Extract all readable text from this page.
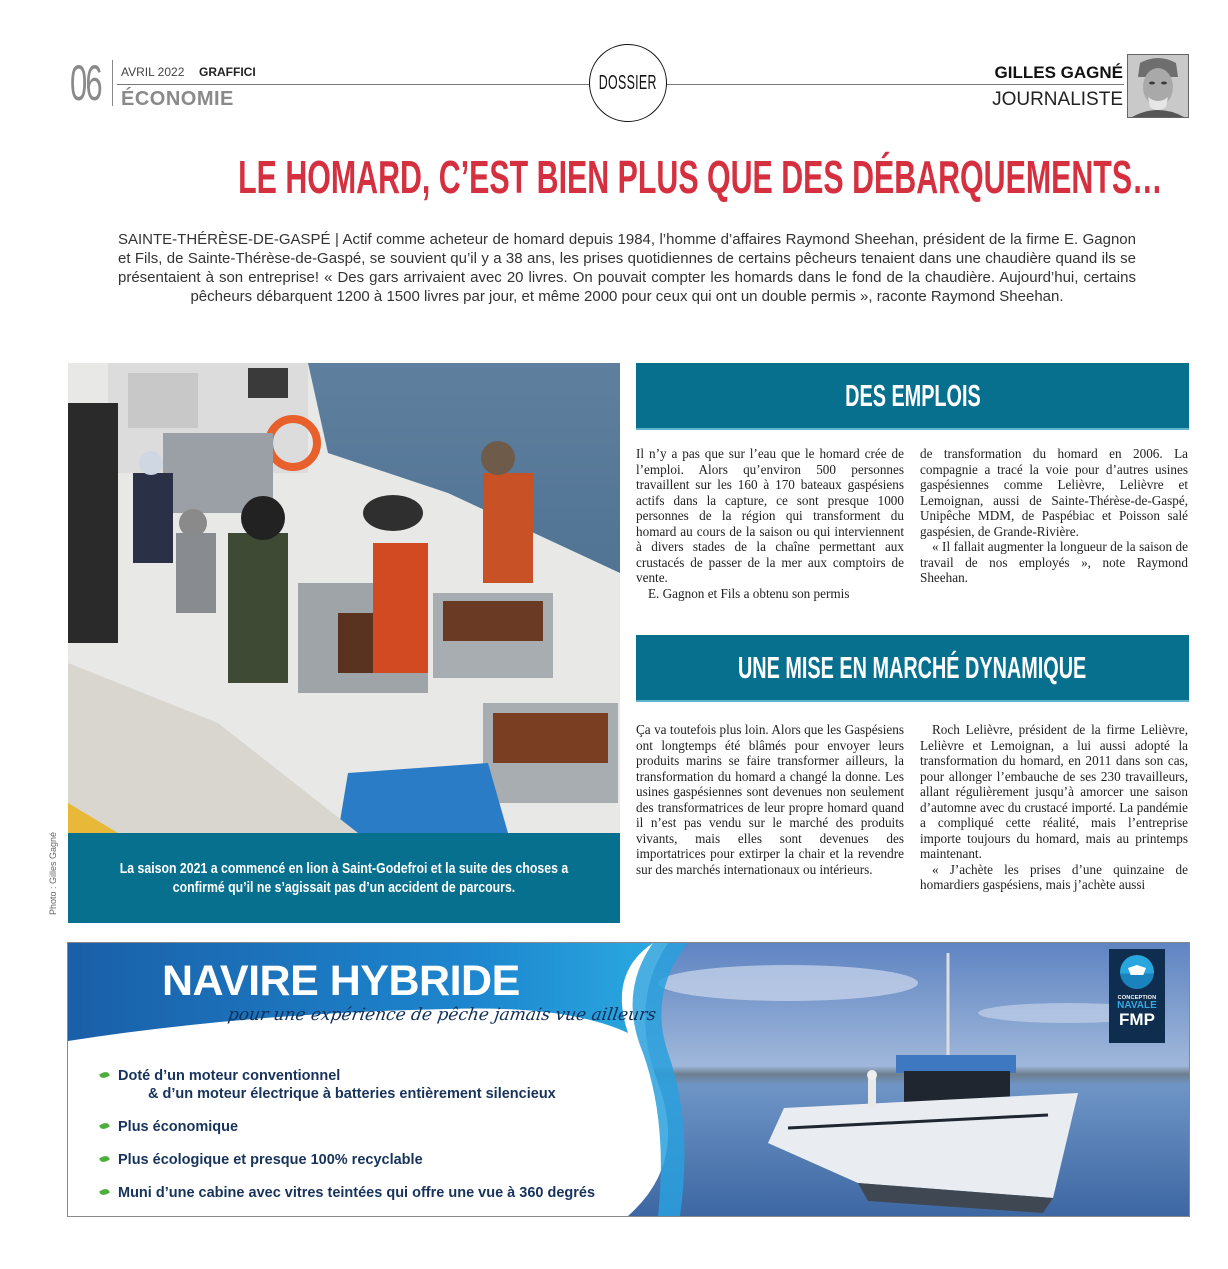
06 AVRIL 2022 GRAFFICI
ÉCONOMIE
DOSSIER	GILLES GAGNÉ
JOURNALISTE
LE HOMARD, C’EST BIEN PLUS QUE DES DÉBARQUEMENTS…
SAINTE-THÉRÈSE-DE-GASPÉ | Actif comme acheteur de homard depuis 1984, l’homme d’affaires Raymond Sheehan, président de la firme E. Gagnon et Fils, de Sainte-Thérèse-de-Gaspé, se souvient qu’il y a 38 ans, les prises quotidiennes de certains pêcheurs tenaient dans une chaudière quand ils se présentaient à son entreprise! « Des gars arrivaient avec 20 livres. On pouvait compter les homards dans le fond de la chaudière. Aujourd’hui, certains pêcheurs débarquent 1200 à 1500 livres par jour, et même 2000 pour ceux qui ont un double permis », raconte Raymond Sheehan.
La saison 2021 a commencé en lion à Saint-Godefroi et la suite des choses a confirmé qu’il ne s’agissait pas d’un accident de parcours.
Photo : Gilles Gagné
DES EMPLOIS

Il n’y a pas que sur l’eau que le homard crée de l’emploi. Alors qu’environ 500 personnes travaillent sur les 160 à 170 bateaux gaspésiens actifs dans la capture, ce sont presque 1000 personnes de la région qui transforment du homard au cours de la saison ou qui interviennent à divers stades de la chaîne permettant aux crustacés de passer de la mer aux comptoirs de vente.

E. Gagnon et Fils a obtenu son permis

de transformation du homard en 2006. La compagnie a tracé la voie pour d’autres usines gaspésiennes comme Lelièvre, Lelièvre et Lemoignan, aussi de Sainte-Thérèse-de-Gaspé, Unipêche MDM, de Paspébiac et Poisson salé gaspésien, de Grande-Rivière.

« Il fallait augmenter la longueur de la saison de travail de nos employés », note Raymond Sheehan.

UNE MISE EN MARCHÉ DYNAMIQUE

Ça va toutefois plus loin. Alors que les Gaspésiens ont longtemps été blâmés pour envoyer leurs produits marins se faire transformer ailleurs, la transformation du homard a changé la donne. Les usines gaspésiennes sont devenues non seulement des transformatrices de leur propre homard quand il n’est pas vendu sur le marché des produits vivants, mais elles sont devenues des importatrices pour extirper la chair et la revendre sur des marchés internationaux ou intérieurs.

Roch Lelièvre, président de la firme Lelièvre, Lelièvre et Lemoignan, a lui aussi adopté la transformation du homard, en 2011 dans son cas, pour allonger l’embauche de ses 230 travailleurs, allant régulièrement jusqu’à amorcer une saison d’automne avec du crustacé importé. La pandémie a compliqué cette réalité, mais l’entreprise importe toujours du homard, mais au printemps maintenant.

« J’achète les prises d’une quinzaine de homardiers gaspésiens, mais j’achète aussi

NAVIRE HYBRIDE
pour une expérience de pêche jamais vue ailleurs
Doté d’un moteur conventionnel
& d’un moteur électrique à batteries entièrement silencieux
Plus économique
Plus écologique et presque 100% recyclable
Muni d’une cabine avec vitres teintées qui offre une vue à 360 degrés
CONCEPTION
NAVALE
FMP
